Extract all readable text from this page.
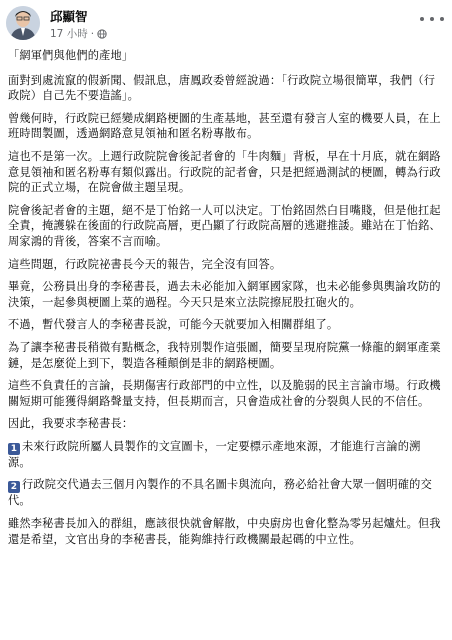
邱顯智
17 小時 ·

「網軍們與他們的產地」

面對到處流竄的假新聞、假訊息，唐鳳政委曾經說過：「行政院立場很簡單，我們（行政院）自己先不要造謠」。

曾幾何時，行政院已經變成網路梗圖的生產基地，甚至還有發言人室的機要人員，在上班時間製圖，透過網路意見領袖和匿名粉專散布。

這也不是第一次。上週行政院院會後記者會的「牛肉麵」背板，早在十月底，就在網路意見領袖和匿名粉專有類似露出。行政院的記者會，只是把經過測試的梗圖，轉為行政院的正式立場，在院會做主題呈現。

院會後記者會的主題，絕不是丁怡銘一人可以決定。丁怡銘固然白目嘴賤，但是他扛起全責，掩護躲在後面的行政院高層，更凸顯了行政院高層的逃避推諉。雖站在丁怡銘、周家鴻的背後，答案不言而喻。

這些問題，行政院祕書長今天的報告，完全沒有回答。

畢竟，公務員出身的李秘書長，過去未必能加入網軍國家隊，也未必能參與輿論攻防的決策，一起參與梗圖上菜的過程。今天只是來立法院擦屁股扛砲火的。

不過，暫代發言人的李秘書長說，可能今天就要加入相關群組了。

為了讓李秘書長稍微有點概念，我特別製作這張圖，簡要呈現府院黨一條龍的網軍產業鏈，是怎麼從上到下，製造各種顛倒是非的網路梗圖。

這些不負責任的言論，長期傷害行政部門的中立性，以及脆弱的民主言論市場。行政機關短期可能獲得網路聲量支持，但長期而言，只會造成社會的分裂與人民的不信任。

因此，我要求李秘書長：

1 未來行政院所屬人員製作的文宣圖卡，一定要標示產地來源，才能進行言論的溯源。

2 行政院交代過去三個月內製作的不具名圖卡與流向，務必給社會大眾一個明確的交代。

雖然李秘書長加入的群組，應該很快就會解散，中央廚房也會化整為零另起爐灶。但我還是希望，文官出身的李秘書長，能夠維持行政機關最起碼的中立性。
